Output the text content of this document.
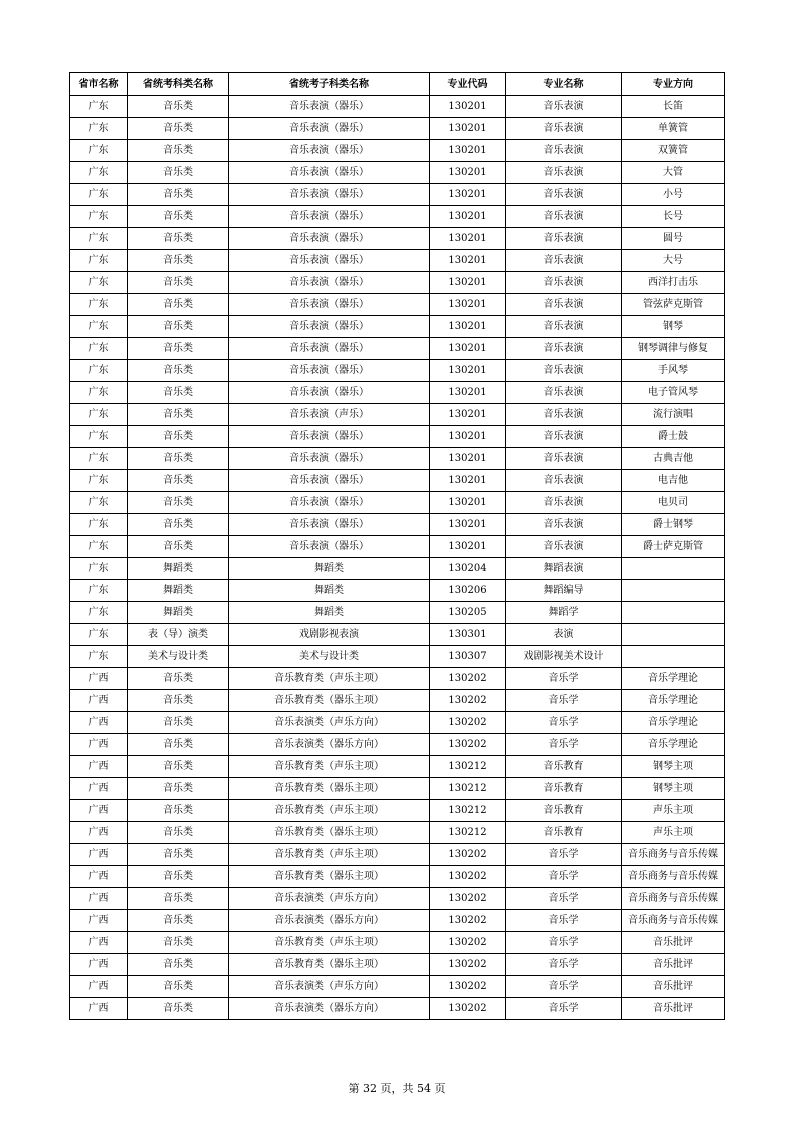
省市名称	省统考科类名称	省统考子科类名称	专业代码	专业名称	专业方向
广东	音乐类	音乐表演（器乐）	130201	音乐表演	长笛
广东	音乐类	音乐表演（器乐）	130201	音乐表演	单簧管
广东	音乐类	音乐表演（器乐）	130201	音乐表演	双簧管
广东	音乐类	音乐表演（器乐）	130201	音乐表演	大管
广东	音乐类	音乐表演（器乐）	130201	音乐表演	小号
广东	音乐类	音乐表演（器乐）	130201	音乐表演	长号
广东	音乐类	音乐表演（器乐）	130201	音乐表演	圆号
广东	音乐类	音乐表演（器乐）	130201	音乐表演	大号
广东	音乐类	音乐表演（器乐）	130201	音乐表演	西洋打击乐
广东	音乐类	音乐表演（器乐）	130201	音乐表演	管弦萨克斯管
广东	音乐类	音乐表演（器乐）	130201	音乐表演	钢琴
广东	音乐类	音乐表演（器乐）	130201	音乐表演	钢琴调律与修复
广东	音乐类	音乐表演（器乐）	130201	音乐表演	手风琴
广东	音乐类	音乐表演（器乐）	130201	音乐表演	电子管风琴
广东	音乐类	音乐表演（声乐）	130201	音乐表演	流行演唱
广东	音乐类	音乐表演（器乐）	130201	音乐表演	爵士鼓
广东	音乐类	音乐表演（器乐）	130201	音乐表演	古典吉他
广东	音乐类	音乐表演（器乐）	130201	音乐表演	电吉他
广东	音乐类	音乐表演（器乐）	130201	音乐表演	电贝司
广东	音乐类	音乐表演（器乐）	130201	音乐表演	爵士钢琴
广东	音乐类	音乐表演（器乐）	130201	音乐表演	爵士萨克斯管
广东	舞蹈类	舞蹈类	130204	舞蹈表演	
广东	舞蹈类	舞蹈类	130206	舞蹈编导	
广东	舞蹈类	舞蹈类	130205	舞蹈学	
广东	表（导）演类	戏剧影视表演	130301	表演	
广东	美术与设计类	美术与设计类	130307	戏剧影视美术设计	
广西	音乐类	音乐教育类（声乐主项）	130202	音乐学	音乐学理论
广西	音乐类	音乐教育类（器乐主项）	130202	音乐学	音乐学理论
广西	音乐类	音乐表演类（声乐方向）	130202	音乐学	音乐学理论
广西	音乐类	音乐表演类（器乐方向）	130202	音乐学	音乐学理论
广西	音乐类	音乐教育类（声乐主项）	130212	音乐教育	钢琴主项
广西	音乐类	音乐教育类（器乐主项）	130212	音乐教育	钢琴主项
广西	音乐类	音乐教育类（声乐主项）	130212	音乐教育	声乐主项
广西	音乐类	音乐教育类（器乐主项）	130212	音乐教育	声乐主项
广西	音乐类	音乐教育类（声乐主项）	130202	音乐学	音乐商务与音乐传媒
广西	音乐类	音乐教育类（器乐主项）	130202	音乐学	音乐商务与音乐传媒
广西	音乐类	音乐表演类（声乐方向）	130202	音乐学	音乐商务与音乐传媒
广西	音乐类	音乐表演类（器乐方向）	130202	音乐学	音乐商务与音乐传媒
广西	音乐类	音乐教育类（声乐主项）	130202	音乐学	音乐批评
广西	音乐类	音乐教育类（器乐主项）	130202	音乐学	音乐批评
广西	音乐类	音乐表演类（声乐方向）	130202	音乐学	音乐批评
广西	音乐类	音乐表演类（器乐方向）	130202	音乐学	音乐批评
第 32 页，共 54 页
